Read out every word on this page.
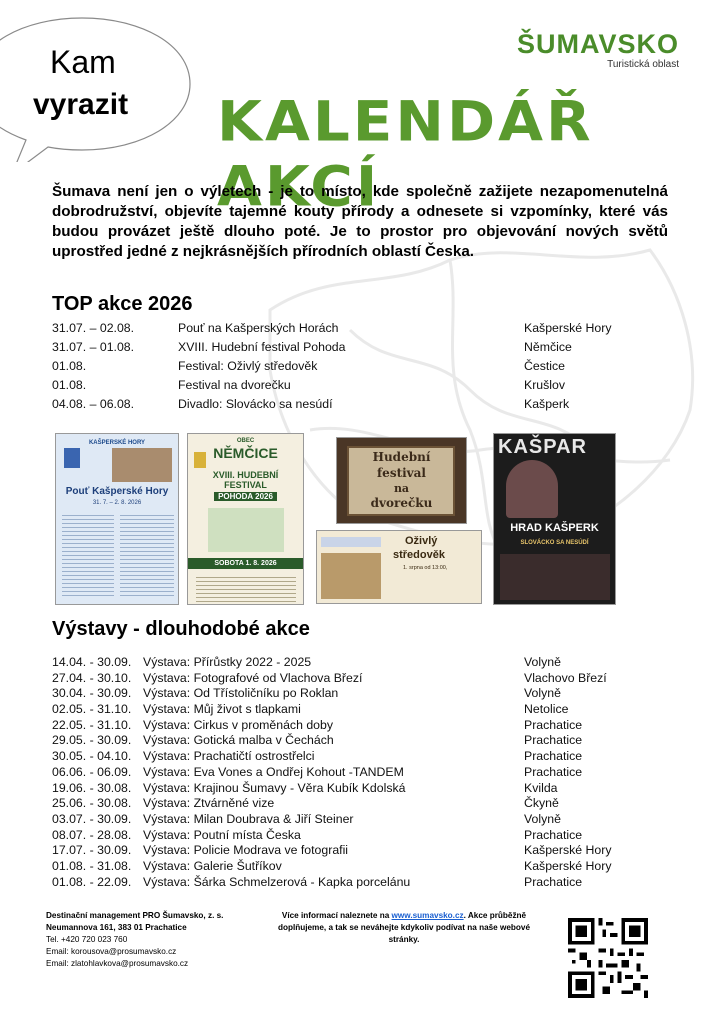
Kam
vyrazit
ŠUMAVSKO
Turistická oblast
KALENDÁŘ AKCÍ

Šumava není jen o výletech - je to místo, kde společně zažijete nezapomenutelná dobrodružství, objevíte tajemné kouty přírody a odnesete si vzpomínky, které vás budou provázet ještě dlouho poté. Je to prostor pro objevování nových světů uprostřed jedné z nejkrásnějších přírodních oblastí Česka.

TOP akce 2026
31.07. – 02.08.	Pouť na Kašperských Horách	Kašperské Hory
31.07. – 01.08.	XVIII. Hudební festival Pohoda	Němčice
01.08.	Festival: Oživlý středověk	Čestice
01.08.	Festival na dvorečku	Krušlov
04.08. – 06.08.	Divadlo: Slovácko sa nesúdí	Kašperk
KAŠPERSKÉ HORY
Pouť Kašperské Hory
31. 7. – 2. 8. 2026
OBEC
NĚMČICE
XVIII. HUDEBNÍ FESTIVAL
POHODA 2026
SOBOTA 1. 8. 2026
Hudební
festival
na
dvorečku
Oživlý
středověk
1. srpna od 13:00,
KAŠPAR
HRAD KAŠPERK
SLOVÁCKO SA NESÚDÍ
Výstavy - dlouhodobé akce
14.04. - 30.09. Výstava: Přírůstky 2022 - 2025	Volyně
27.04. - 30.10. Výstava: Fotografové od Vlachova Březí	Vlachovo Březí
30.04. - 30.09. Výstava: Od Třístoličníku po Roklan	Volyně
02.05. - 31.10. Výstava: Můj život s tlapkami	Netolice
22.05. - 31.10. Výstava: Cirkus v proměnách doby	Prachatice
29.05. - 30.09. Výstava: Gotická malba v Čechách	Prachatice
30.05. - 04.10. Výstava: Prachatičtí ostrostřelci	Prachatice
06.06. - 06.09. Výstava: Eva Vones a Ondřej Kohout -TANDEM	Prachatice
19.06. - 30.08. Výstava: Krajinou Šumavy - Věra Kubík Kdolská	Kvilda
25.06. - 30.08. Výstava: Ztvárněné vize	Čkyně
03.07. - 30.09. Výstava: Milan Doubrava & Jiří Steiner	Volyně
08.07. - 28.08. Výstava: Poutní místa Česka	Prachatice
17.07. - 30.09. Výstava: Policie Modrava ve fotografii	Kašperské Hory
01.08. - 31.08. Výstava: Galerie Šutříkov	Kašperské Hory
01.08. - 22.09. Výstava: Šárka Schmelzerová - Kapka porcelánu	Prachatice
Destinační management PRO Šumavsko, z. s.
Neumannova 161, 383 01 Prachatice
Tel. +420 720 023 760
Email: korousova@prosumavsko.cz
Email: zlatohlavkova@prosumavsko.cz
Více informací naleznete na www.sumavsko.cz. Akce průběžně doplňujeme, a tak se neváhejte kdykoliv podívat na naše webové stránky.
